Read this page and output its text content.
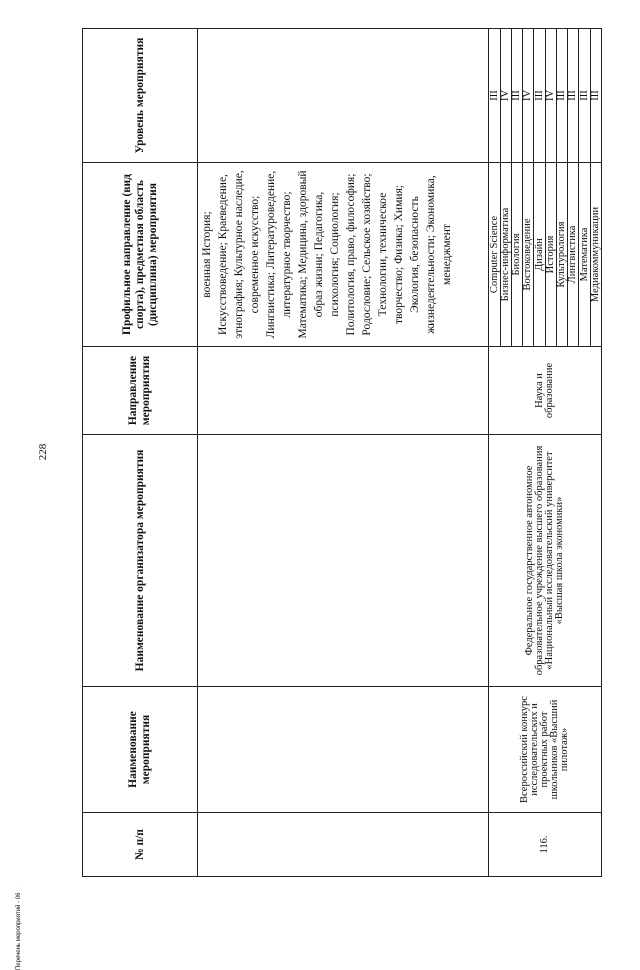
228
№ п/п	Наименование мероприятия	Наименование организатора мероприятия	Направление мероприятия	Профильное направление (вид спорта), предметная область (дисциплина) мероприятия	Уровень мероприятия
				военная История; Искусствоведение; Краеведение, этнография; Культурное наследие, современное искусство; Лингвистика; Литературоведение, литературное творчество; Математика; Медицина, здоровый образ жизни; Педагогика, психология; Социология; Политология, право, философия; Родословие; Сельское хозяйство; Технологии, техническое творчество; Физика; Химия; Экология, безопасность жизнедеятельности; Экономика, менеджмент	
116.	Всероссийский конкурс исследовательских и проектных работ школьников «Высший пилотаж»	Федеральное государственное автономное образовательное учреждение высшего образования «Национальный исследовательский университет «Высшая школа экономики»	Наука и образование	Computer Science	III
				Бизнес-информатика	IV
				Биология	III
				Востоковедение	IV
				Дизайн	III
				История	IV
				Культурология	III
				Лингвистика	III
				Математика	III
				Медиакоммуникации	III
Перечень мероприятий - 06·
